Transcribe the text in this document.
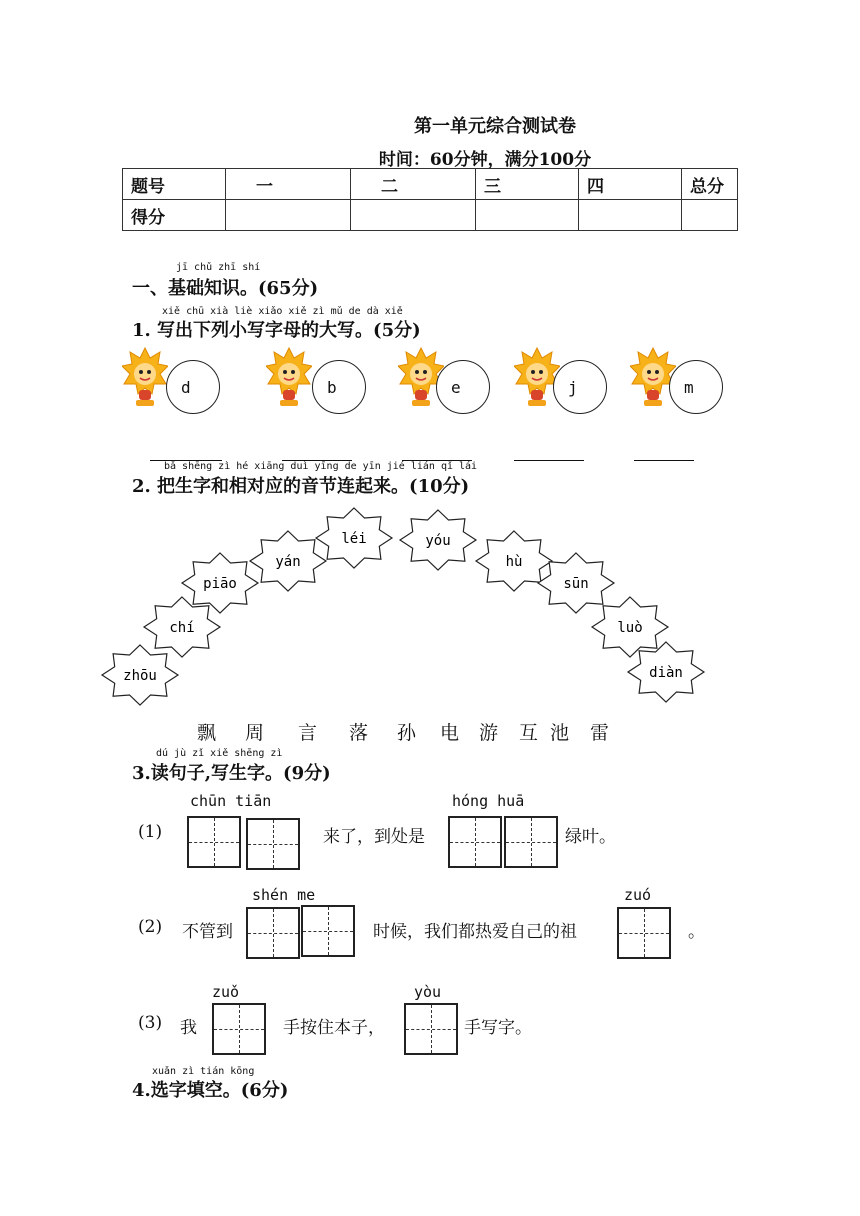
第一单元综合测试卷
时间：60分钟，满分100分
题号	一	二	三	四	总分
得分					
jī chǔ zhī shí
一、基础知识。(65分)
xiě chū xià liè xiǎo xiě zì mǔ de dà xiě
1. 写出下列小写字母的大写。(5分)
d	b	e	j	m
bǎ shēng zì hé xiāng duì yīng de yīn jié lián qǐ lái
2. 把生字和相对应的音节连起来。(10分)
zhōu
chí
piāo
yán
léi	yóu
hù
sūn
luò
diàn
飘 周 言 落 孙 电 游 互 池 雷
dú jù zǐ xiě shēng zì
3.读句子,写生字。(9分)
chūn tiān	hóng huā
(1)	来了，到处是	绿叶。
shén me	zuó
(2) 不管到	时候，我们都热爱自己的祖	。
zuǒ	yòu
(3) 我	手按住本子，	手写字。
xuǎn zì tián kōng
4.选字填空。(6分)
